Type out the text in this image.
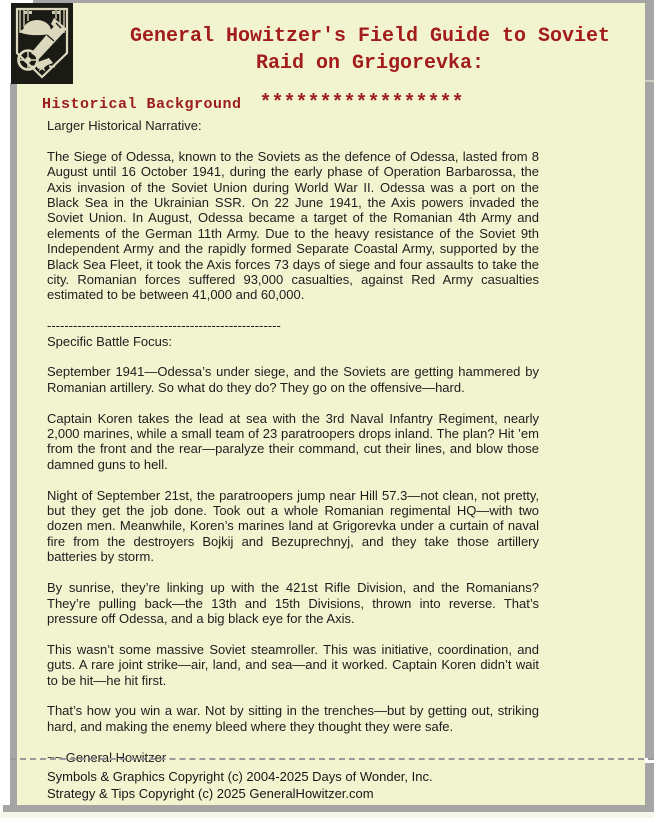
General Howitzer's Field Guide to Soviet
Raid on Grigorevka:
Historical Background *****************

Larger Historical Narrative:

The Siege of Odessa, known to the Soviets as the defence of Odessa, lasted from 8 August until 16 October 1941, during the early phase of Operation Barbarossa, the Axis invasion of the Soviet Union during World War II. Odessa was a port on the Black Sea in the Ukrainian SSR. On 22 June 1941, the Axis powers invaded the Soviet Union. In August, Odessa became a target of the Romanian 4th Army and elements of the German 11th Army. Due to the heavy resistance of the Soviet 9th Independent Army and the rapidly formed Separate Coastal Army, supported by the Black Sea Fleet, it took the Axis forces 73 days of siege and four assaults to take the city. Romanian forces suffered 93,000 casualties, against Red Army casualties estimated to be between 41,000 and 60,000.

------------------------------------------------------

Specific Battle Focus:

September 1941—Odessa’s under siege, and the Soviets are getting hammered by Romanian artillery. So what do they do? They go on the offensive—hard.

Captain Koren takes the lead at sea with the 3rd Naval Infantry Regiment, nearly 2,000 marines, while a small team of 23 paratroopers drops inland. The plan? Hit ’em from the front and the rear—paralyze their command, cut their lines, and blow those damned guns to hell.

Night of September 21st, the paratroopers jump near Hill 57.3—not clean, not pretty, but they get the job done. Took out a whole Romanian regimental HQ—with two dozen men. Meanwhile, Koren’s marines land at Grigorevka under a curtain of naval fire from the destroyers Bojkij and Bezuprechnyj, and they take those artillery batteries by storm.

By sunrise, they’re linking up with the 421st Rifle Division, and the Romanians? They’re pulling back—the 13th and 15th Divisions, thrown into reverse. That’s pressure off Odessa, and a big black eye for the Axis.

This wasn’t some massive Soviet steamroller. This was initiative, coordination, and guts. A rare joint strike—air, land, and sea—and it worked. Captain Koren didn’t wait to be hit—he hit first.

That’s how you win a war. Not by sitting in the trenches—but by getting out, striking hard, and making the enemy bleed where they thought they were safe.

~~ General Howitzer

Symbols & Graphics Copyright (c) 2004-2025 Days of Wonder, Inc.
Strategy & Tips Copyright (c) 2025 GeneralHowitzer.com
